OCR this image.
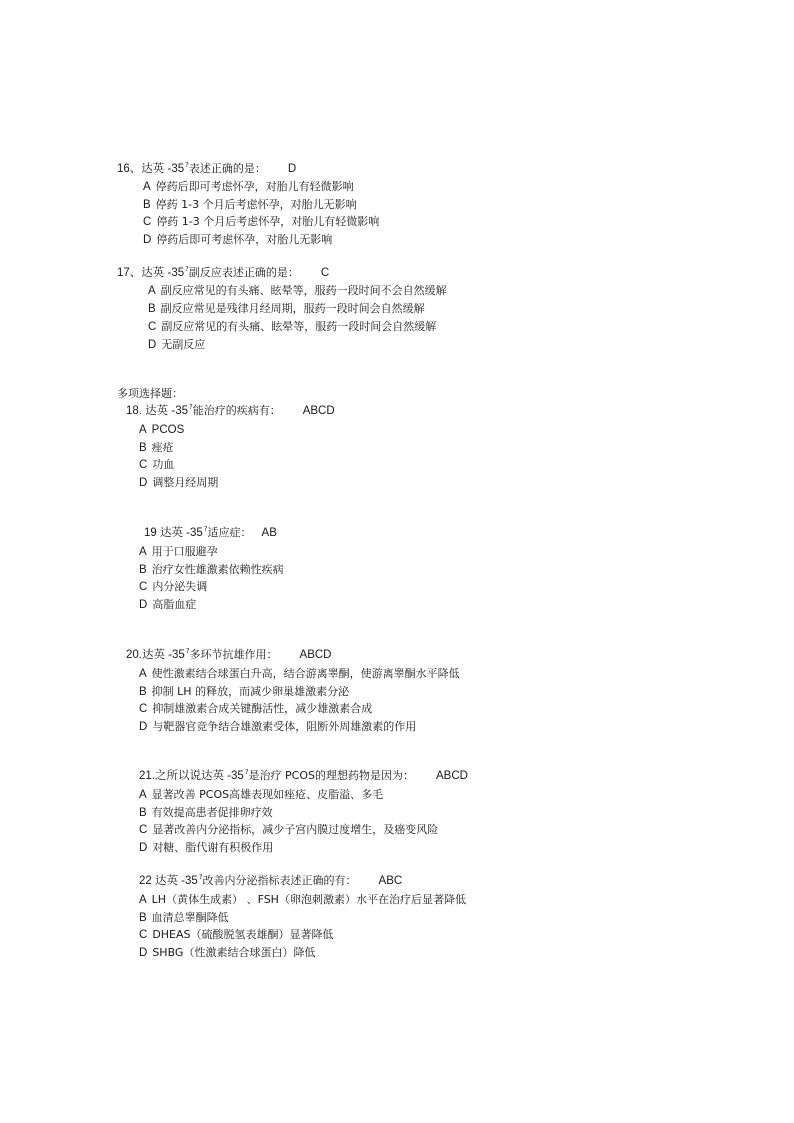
16、达英 -35?表述正确的是： D
A 停药后即可考虑怀孕，对胎儿有轻微影响
B 停药 1-3 个月后考虑怀孕，对胎儿无影响
C 停药 1-3 个月后考虑怀孕，对胎儿有轻微影响
D 停药后即可考虑怀孕，对胎儿无影响
17、达英 -35?副反应表述正确的是： C
A 副反应常见的有头痛、眩晕等，服药一段时间不会自然缓解
B 副反应常见是残律月经周期，服药一段时间会自然缓解
C 副反应常见的有头痛、眩晕等，服药一段时间会自然缓解
D 无副反应
多项选择题：
18. 达英 -35?能治疗的疾病有： ABCD
A PCOS
B 痤疮
C 功血
D 调整月经周期
19 达英 -35?适应症： AB
A 用于口服避孕
B 治疗女性雄激素依赖性疾病
C 内分泌失调
D 高脂血症
20.达英 -35?多环节抗雄作用： ABCD
A 使性激素结合球蛋白升高，结合游离睾酮，使游离睾酮水平降低
B 抑制 LH 的释放，而减少卵巢雄激素分泌
C 抑制雄激素合成关键酶活性，减少雄激素合成
D 与靶器官竞争结合雄激素受体，阻断外周雄激素的作用
21.之所以说达英 -35?是治疗 PCOS的理想药物是因为： ABCD
A 显著改善 PCOS高雄表现如痤疮、皮脂溢、多毛
B 有效提高患者促排卵疗效
C 显著改善内分泌指标，减少子宫内膜过度增生，及癌变风险
D 对糖、脂代谢有积极作用
22 达英 -35?改善内分泌指标表述正确的有： ABC
A LH（黄体生成素） 、FSH（卵泡刺激素）水平在治疗后显著降低
B 血清总睾酮降低
C DHEAS（硫酸脱氢表雄酮）显著降低
D SHBG（性激素结合球蛋白）降低
